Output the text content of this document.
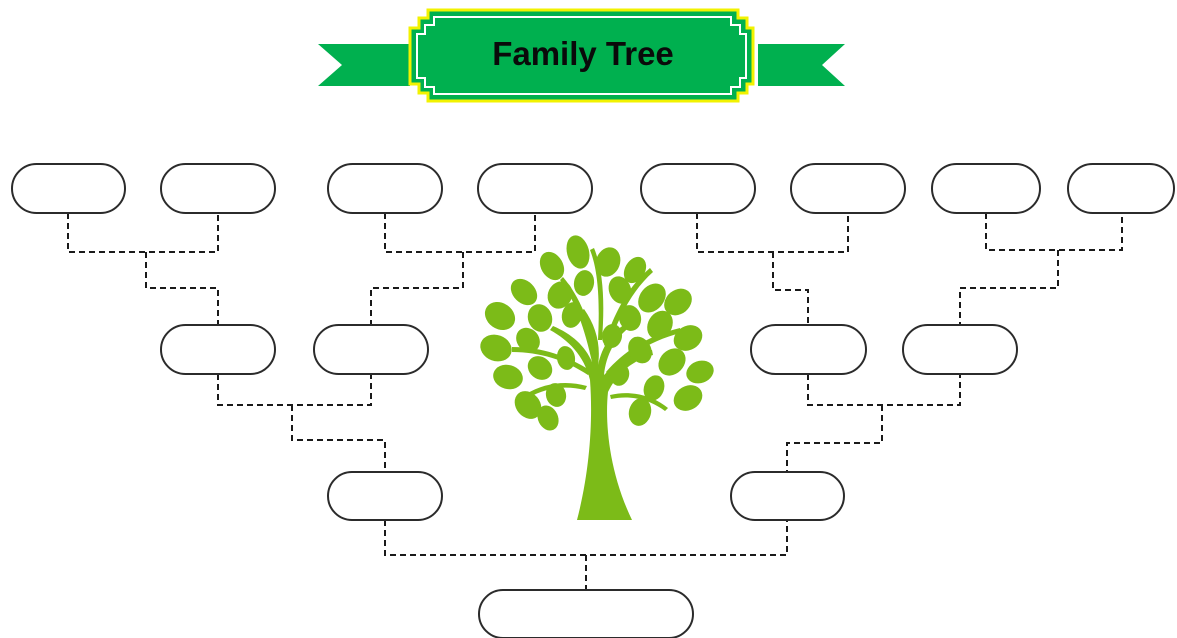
Family Tree
